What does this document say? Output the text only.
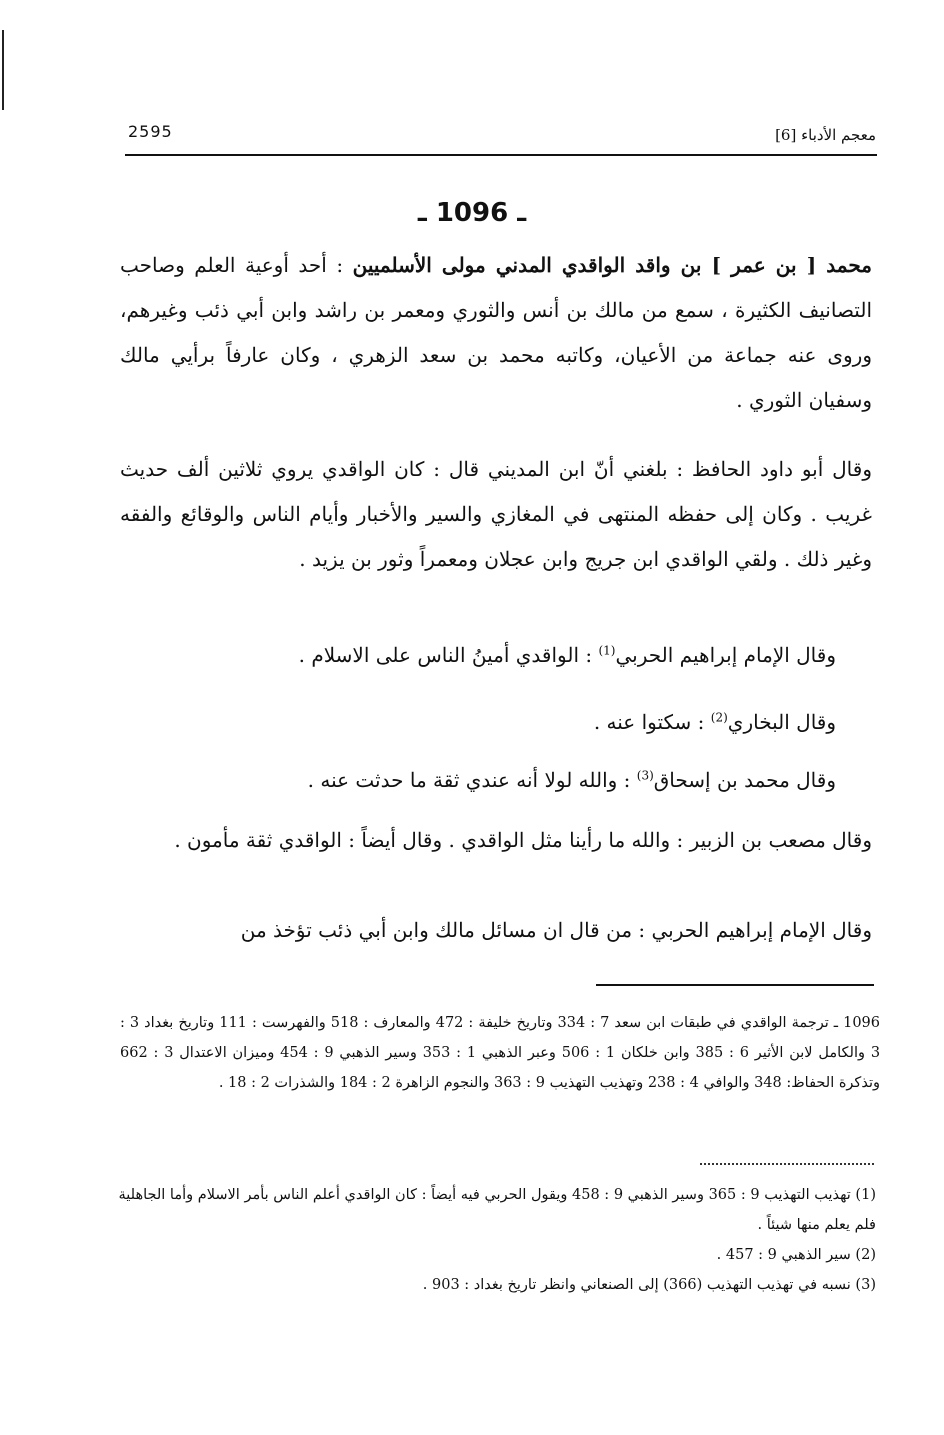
2595	معجم الأدباء [6]
ـ 1096 ـ

محمد [ بن عمر ] بن واقد الواقدي المدني مولى الأسلميين : أحد أوعية العلم وصاحب التصانيف الكثيرة ، سمع من مالك بن أنس والثوري ومعمر بن راشد وابن أبي ذئب وغيرهم، وروى عنه جماعة من الأعيان، وكاتبه محمد بن سعد الزهري ، وكان عارفاً برأيي مالك وسفيان الثوري .

وقال أبو داود الحافظ : بلغني أنّ ابن المديني قال : كان الواقدي يروي ثلاثين ألف حديث غريب . وكان إلى حفظه المنتهى في المغازي والسير والأخبار وأيام الناس والوقائع والفقه وغير ذلك . ولقي الواقدي ابن جريج وابن عجلان ومعمراً وثور بن يزيد .

وقال الإمام إبراهيم الحربي$^{(1)}$ : الواقدي أمينُ الناس على الاسلام .

وقال البخاري$^{(2)}$ : سكتوا عنه .

وقال محمد بن إسحاق$^{(3)}$ : والله لولا أنه عندي ثقة ما حدثت عنه .

وقال مصعب بن الزبير : والله ما رأينا مثل الواقدي . وقال أيضاً : الواقدي ثقة مأمون .

وقال الإمام إبراهيم الحربي : من قال ان مسائل مالك وابن أبي ذئب تؤخذ من

1096 ـ ترجمة الواقدي في طبقات ابن سعد 7 : 334 وتاريخ خليفة : 472 والمعارف : 518 والفهرست : 111 وتاريخ بغداد 3 : 3 والكامل لابن الأثير 6 : 385 وابن خلكان 1 : 506 وعبر الذهبي 1 : 353 وسير الذهبي 9 : 454 وميزان الاعتدال 3 : 662 وتذكرة الحفاظ: 348 والوافي 4 : 238 وتهذيب التهذيب 9 : 363 والنجوم الزاهرة 2 : 184 والشذرات 2 : 18 .

(1) تهذيب التهذيب 9 : 365 وسير الذهبي 9 : 458 ويقول الحربي فيه أيضاً : كان الواقدي أعلم الناس بأمر الاسلام وأما الجاهلية فلم يعلم منها شيئاً .

(2) سير الذهبي 9 : 457 .

(3) نسبه في تهذيب التهذيب (366) إلى الصنعاني وانظر تاريخ بغداد : 903 .
